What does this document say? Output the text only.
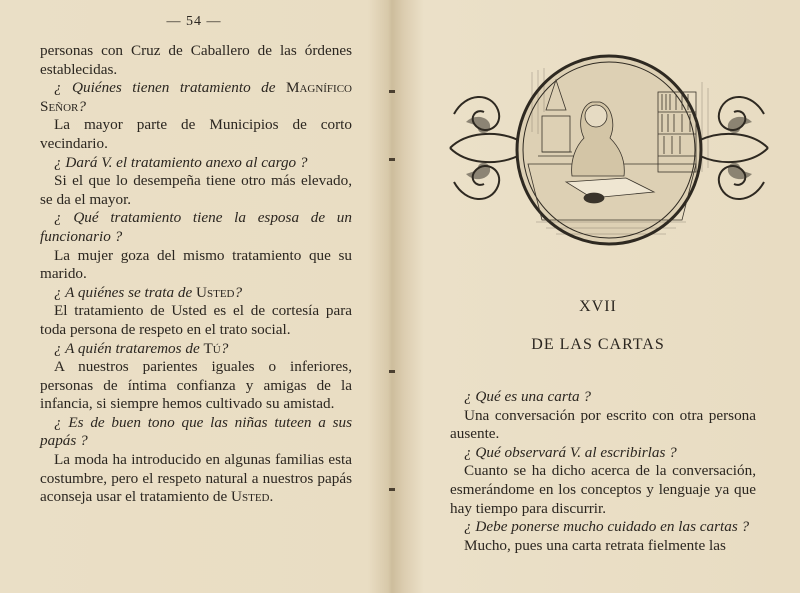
— 54 —

personas con Cruz de Caballero de las órdenes establecidas.

¿ Quiénes tienen tratamiento de Magnífico Señor?

La mayor parte de Municipios de corto vecindario.

¿ Dará V. el tratamiento anexo al cargo ?

Si el que lo desempeña tiene otro más elevado, se da el mayor.

¿ Qué tratamiento tiene la esposa de un funcionario ?

La mujer goza del mismo tratamiento que su marido.

¿ A quiénes se trata de Usted?

El tratamiento de Usted es el de cortesía para toda persona de respeto en el trato social.

¿ A quién trataremos de Tú?

A nuestros parientes iguales o inferiores, personas de íntima confianza y amigas de la infancia, si siempre hemos cultivado su amistad.

¿ Es de buen tono que las niñas tuteen a sus papás ?

La moda ha introducido en algunas familias esta costumbre, pero el respeto natural a nuestros papás aconseja usar el tratamiento de Usted.

XVII
DE LAS CARTAS

¿ Qué es una carta ?

Una conversación por escrito con otra persona ausente.

¿ Qué observará V. al escribirlas ?

Cuanto se ha dicho acerca de la conversación, esmerándome en los conceptos y lenguaje ya que hay tiempo para discurrir.

¿ Debe ponerse mucho cuidado en las cartas ?

Mucho, pues una carta retrata fielmente las
